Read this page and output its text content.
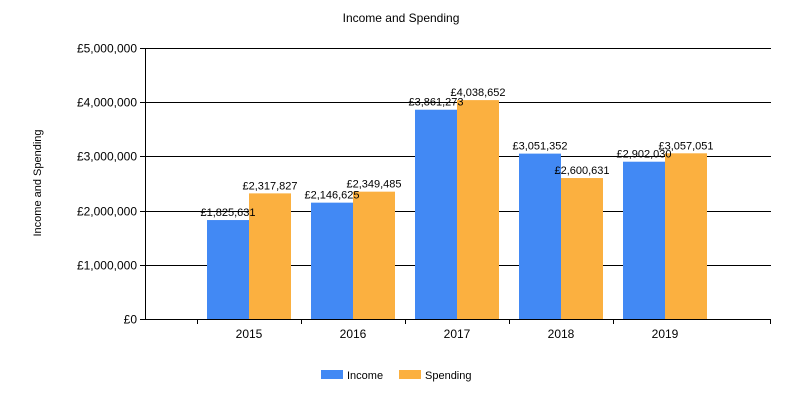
Income and Spending
Income and Spending
£0
£1,000,000
£2,000,000
£3,000,000
£4,000,000
£5,000,000
2015	2016	2017	2018	2019
£1,825,631
£2,317,827
£2,146,625
£2,349,485
£3,861,273
£4,038,652
£3,051,352
£2,600,631
£2,902,030
£3,057,051
Income	Spending
